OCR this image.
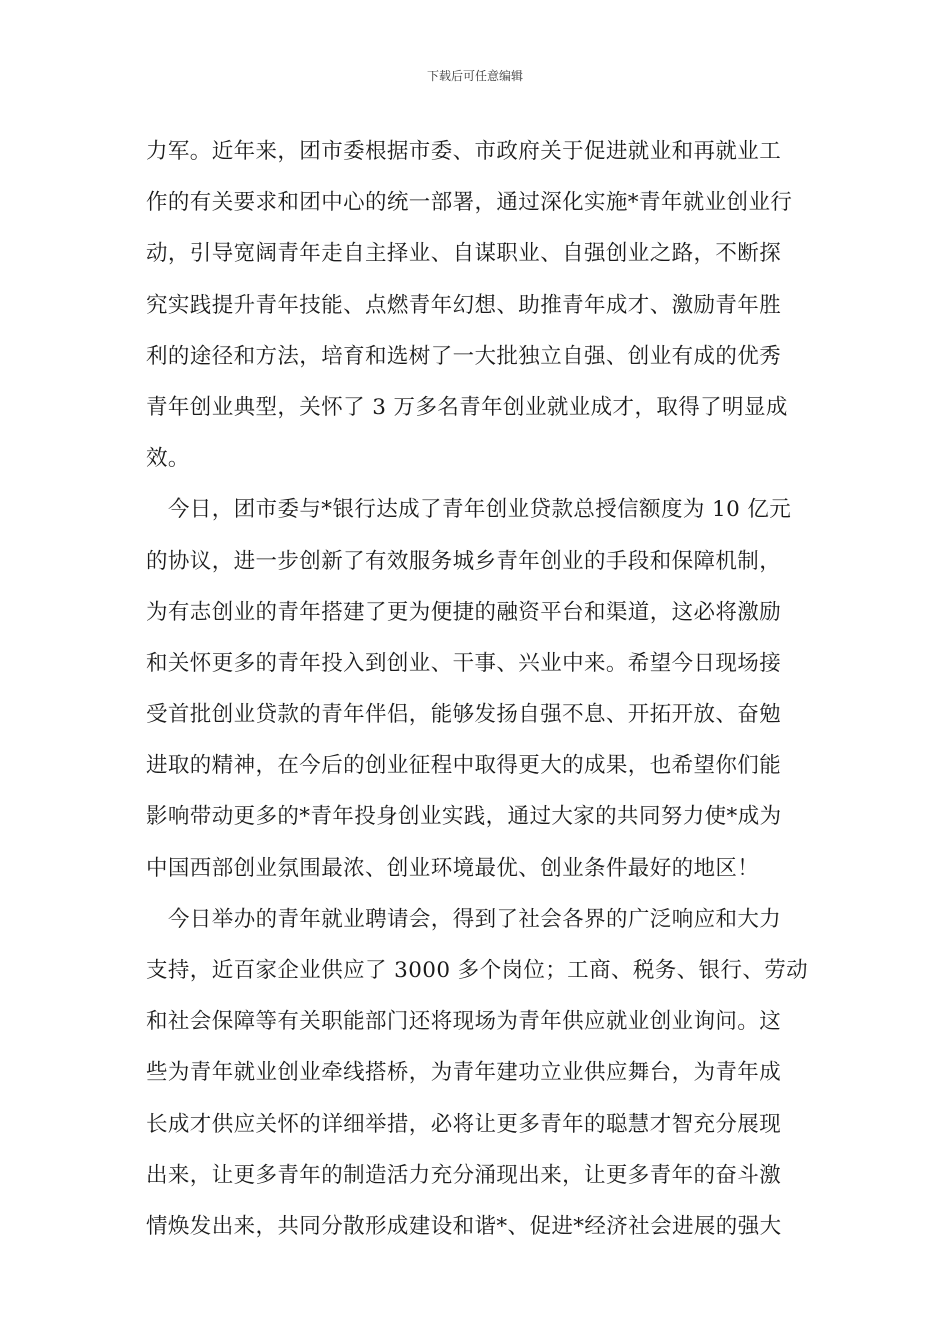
下载后可任意编辑
力军。近年来，团市委根据市委、市政府关于促进就业和再就业工
作的有关要求和团中心的统一部署，通过深化实施*青年就业创业行
动，引导宽阔青年走自主择业、自谋职业、自强创业之路，不断探
究实践提升青年技能、点燃青年幻想、助推青年成才、激励青年胜
利的途径和方法，培育和选树了一大批独立自强、创业有成的优秀
青年创业典型，关怀了 3 万多名青年创业就业成才，取得了明显成
效。
今日，团市委与*银行达成了青年创业贷款总授信额度为 10 亿元
的协议，进一步创新了有效服务城乡青年创业的手段和保障机制，
为有志创业的青年搭建了更为便捷的融资平台和渠道，这必将激励
和关怀更多的青年投入到创业、干事、兴业中来。希望今日现场接
受首批创业贷款的青年伴侣，能够发扬自强不息、开拓开放、奋勉
进取的精神，在今后的创业征程中取得更大的成果，也希望你们能
影响带动更多的*青年投身创业实践，通过大家的共同努力使*成为
中国西部创业氛围最浓、创业环境最优、创业条件最好的地区！
今日举办的青年就业聘请会，得到了社会各界的广泛响应和大力
支持，近百家企业供应了 3000 多个岗位；工商、税务、银行、劳动
和社会保障等有关职能部门还将现场为青年供应就业创业询问。这
些为青年就业创业牵线搭桥，为青年建功立业供应舞台，为青年成
长成才供应关怀的详细举措，必将让更多青年的聪慧才智充分展现
出来，让更多青年的制造活力充分涌现出来，让更多青年的奋斗激
情焕发出来，共同分散形成建设和谐*、促进*经济社会进展的强大
